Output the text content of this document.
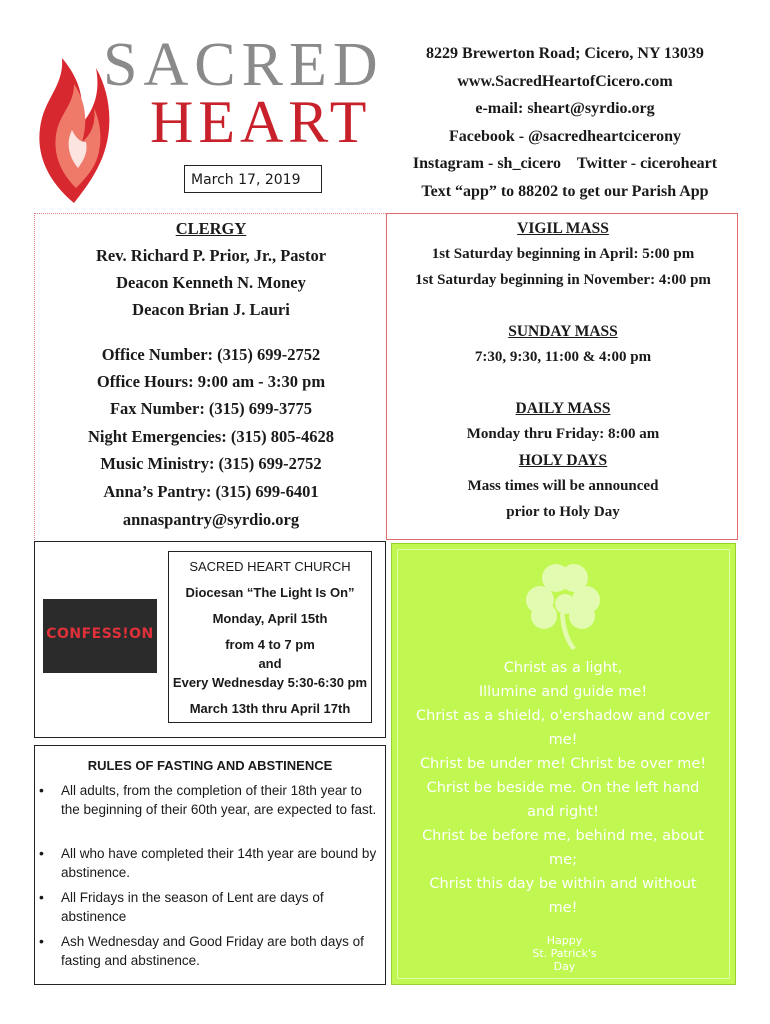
SACRED
HEART
March 17, 2019
8229 Brewerton Road; Cicero, NY 13039
www.SacredHeartofCicero.com
e-mail: sheart@syrdio.org
Facebook - @sacredheartcicerony
Instagram - sh_cicero    Twitter - ciceroheart
Text “app” to 88202 to get our Parish App
CLERGY
Rev. Richard P. Prior, Jr., Pastor
Deacon Kenneth N. Money
Deacon Brian J. Lauri
Office Number: (315) 699-2752
Office Hours: 9:00 am - 3:30 pm
Fax Number: (315) 699-3775
Night Emergencies: (315) 805-4628
Music Ministry: (315) 699-2752
Anna’s Pantry: (315) 699-6401
annaspantry@syrdio.org
VIGIL MASS
1st Saturday beginning in April: 5:00 pm
1st Saturday beginning in November: 4:00 pm
SUNDAY MASS
7:30, 9:30, 11:00 & 4:00 pm
DAILY MASS
Monday thru Friday: 8:00 am
HOLY DAYS
Mass times will be announced
prior to Holy Day
CONFESS!ON
SACRED HEART CHURCH
Diocesan “The Light Is On”
Monday, April 15th
from 4 to 7 pm
and
Every Wednesday 5:30-6:30 pm
March 13th thru April 17th
RULES OF FASTING AND ABSTINENCE
• All adults, from the completion of their 18th year to the beginning of their 60th year, are expected to fast.
• All who have completed their 14th year are bound by abstinence.
• All Fridays in the season of Lent are days of abstinence
• Ash Wednesday and Good Friday are both days of fasting and abstinence.
Christ as a light,
Illumine and guide me!
Christ as a shield, o'ershadow and cover
me!
Christ be under me! Christ be over me!
Christ be beside me. On the left hand
and right!
Christ be before me, behind me, about
me;
Christ this day be within and without
me!
Happy
St. Patrick's
Day
